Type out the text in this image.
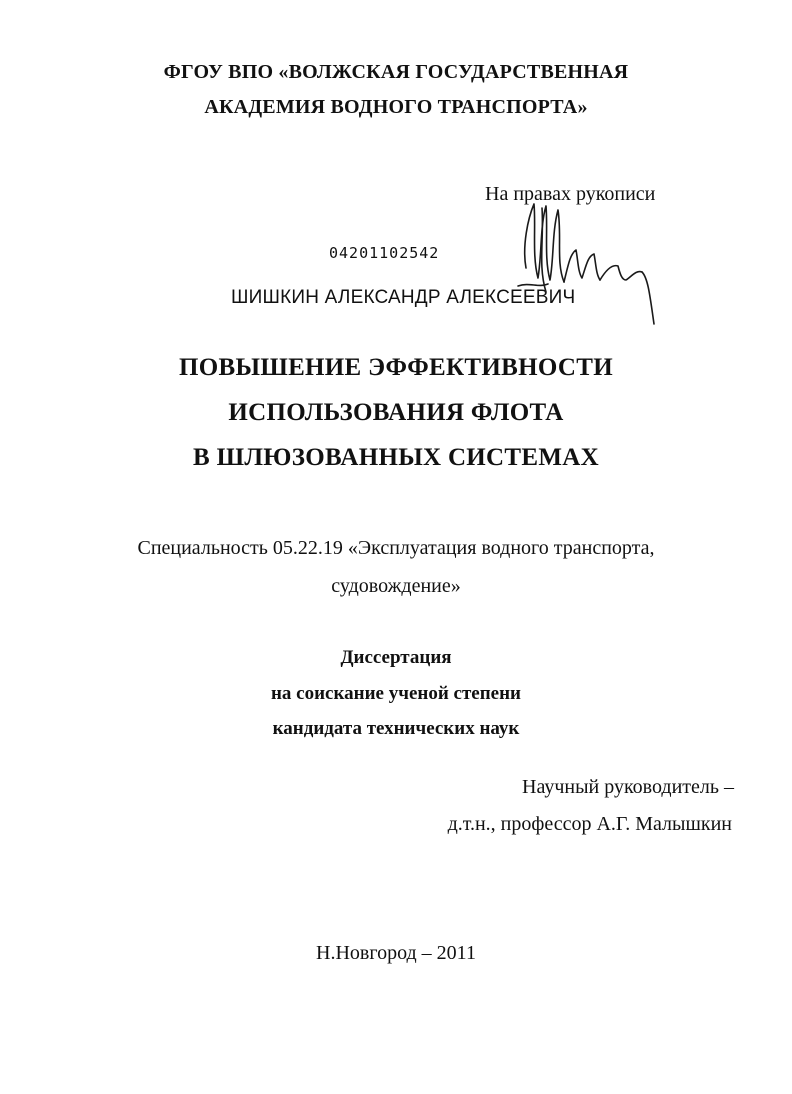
ФГОУ ВПО «ВОЛЖСКАЯ ГОСУДАРСТВЕННАЯ
АКАДЕМИЯ ВОДНОГО ТРАНСПОРТА»
На правах рукописи
04201102542
ШИШКИН АЛЕКСАНДР АЛЕКСЕЕВИЧ
ПОВЫШЕНИЕ ЭФФЕКТИВНОСТИ
ИСПОЛЬЗОВАНИЯ ФЛОТА
В ШЛЮЗОВАННЫХ СИСТЕМАХ
Специальность 05.22.19 «Эксплуатация водного транспорта,
судовождение»
Диссертация
на соискание ученой степени
кандидата технических наук
Научный руководитель –
д.т.н., профессор А.Г. Малышкин
Н.Новгород – 2011
